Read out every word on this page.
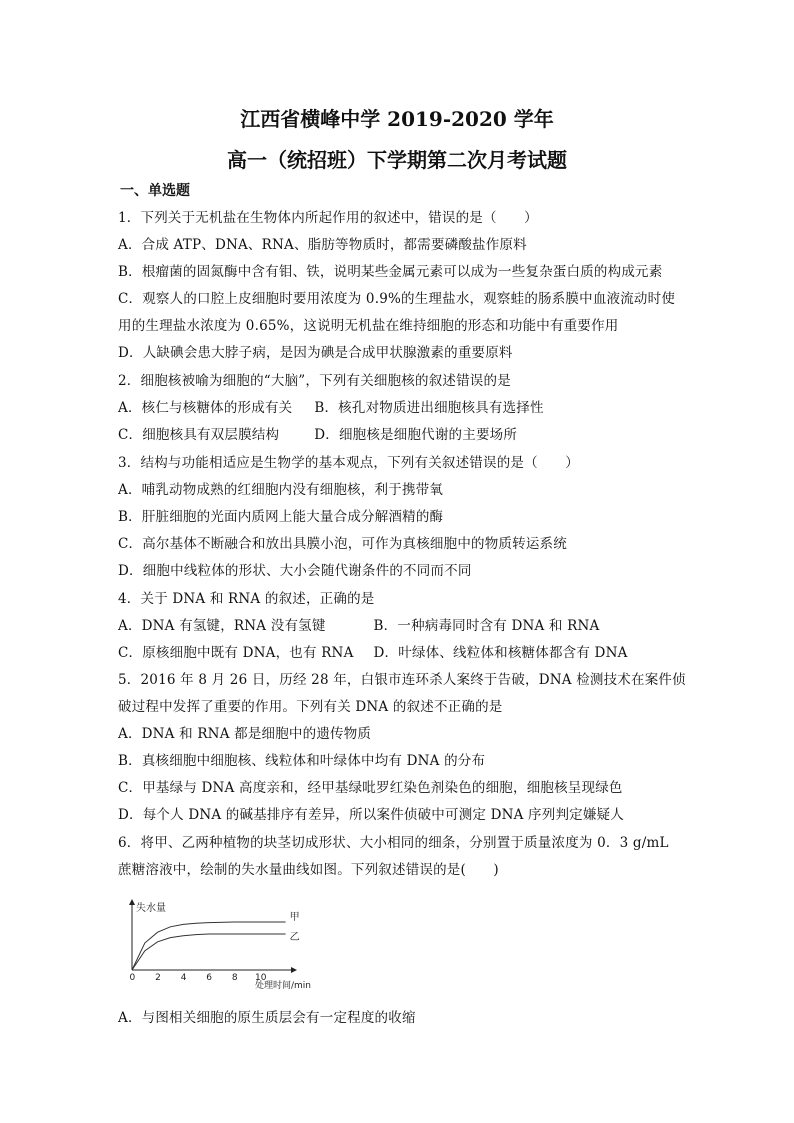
江西省横峰中学 2019-2020 学年
高一（统招班）下学期第二次月考试题
一、单选题
1．下列关于无机盐在生物体内所起作用的叙述中，错误的是（　　）
A．合成 ATP、DNA、RNA、脂肪等物质时，都需要磷酸盐作原料
B．根瘤菌的固氮酶中含有钼、铁，说明某些金属元素可以成为一些复杂蛋白质的构成元素
C．观察人的口腔上皮细胞时要用浓度为 0.9%的生理盐水，观察蛙的肠系膜中血液流动时使
用的生理盐水浓度为 0.65%，这说明无机盐在维持细胞的形态和功能中有重要作用
D．人缺碘会患大脖子病，是因为碘是合成甲状腺激素的重要原料
2．细胞核被喻为细胞的“大脑”，下列有关细胞核的叙述错误的是
A．核仁与核糖体的形成有关 B．核孔对物质进出细胞核具有选择性
C．细胞核具有双层膜结构	D．细胞核是细胞代谢的主要场所
3．结构与功能相适应是生物学的基本观点，下列有关叙述错误的是（　　）
A．哺乳动物成熟的红细胞内没有细胞核，利于携带氧
B．肝脏细胞的光面内质网上能大量合成分解酒精的酶
C．高尔基体不断融合和放出具膜小泡，可作为真核细胞中的物质转运系统
D．细胞中线粒体的形状、大小会随代谢条件的不同而不同
4．关于 DNA 和 RNA 的叙述，正确的是
A．DNA 有氢键，RNA 没有氢键	B．一种病毒同时含有 DNA 和 RNA
C．原核细胞中既有 DNA，也有 RNA D．叶绿体、线粒体和核糖体都含有 DNA
5．2016 年 8 月 26 日，历经 28 年，白银市连环杀人案终于告破，DNA 检测技术在案件侦
破过程中发挥了重要的作用。下列有关 DNA 的叙述不正确的是
A．DNA 和 RNA 都是细胞中的遗传物质
B．真核细胞中细胞核、线粒体和叶绿体中均有 DNA 的分布
C．甲基绿与 DNA 高度亲和，经甲基绿吡罗红染色剂染色的细胞，细胞核呈现绿色
D．每个人 DNA 的碱基排序有差异，所以案件侦破中可测定 DNA 序列判定嫌疑人
6．将甲、乙两种植物的块茎切成形状、大小相同的细条，分别置于质量浓度为 0．3 g/mL
蔗糖溶液中，绘制的失水量曲线如图。下列叙述错误的是(　　)
失水量
处理时间/min
0 2 4 6 8 10
甲
乙
A．与图相关细胞的原生质层会有一定程度的收缩
